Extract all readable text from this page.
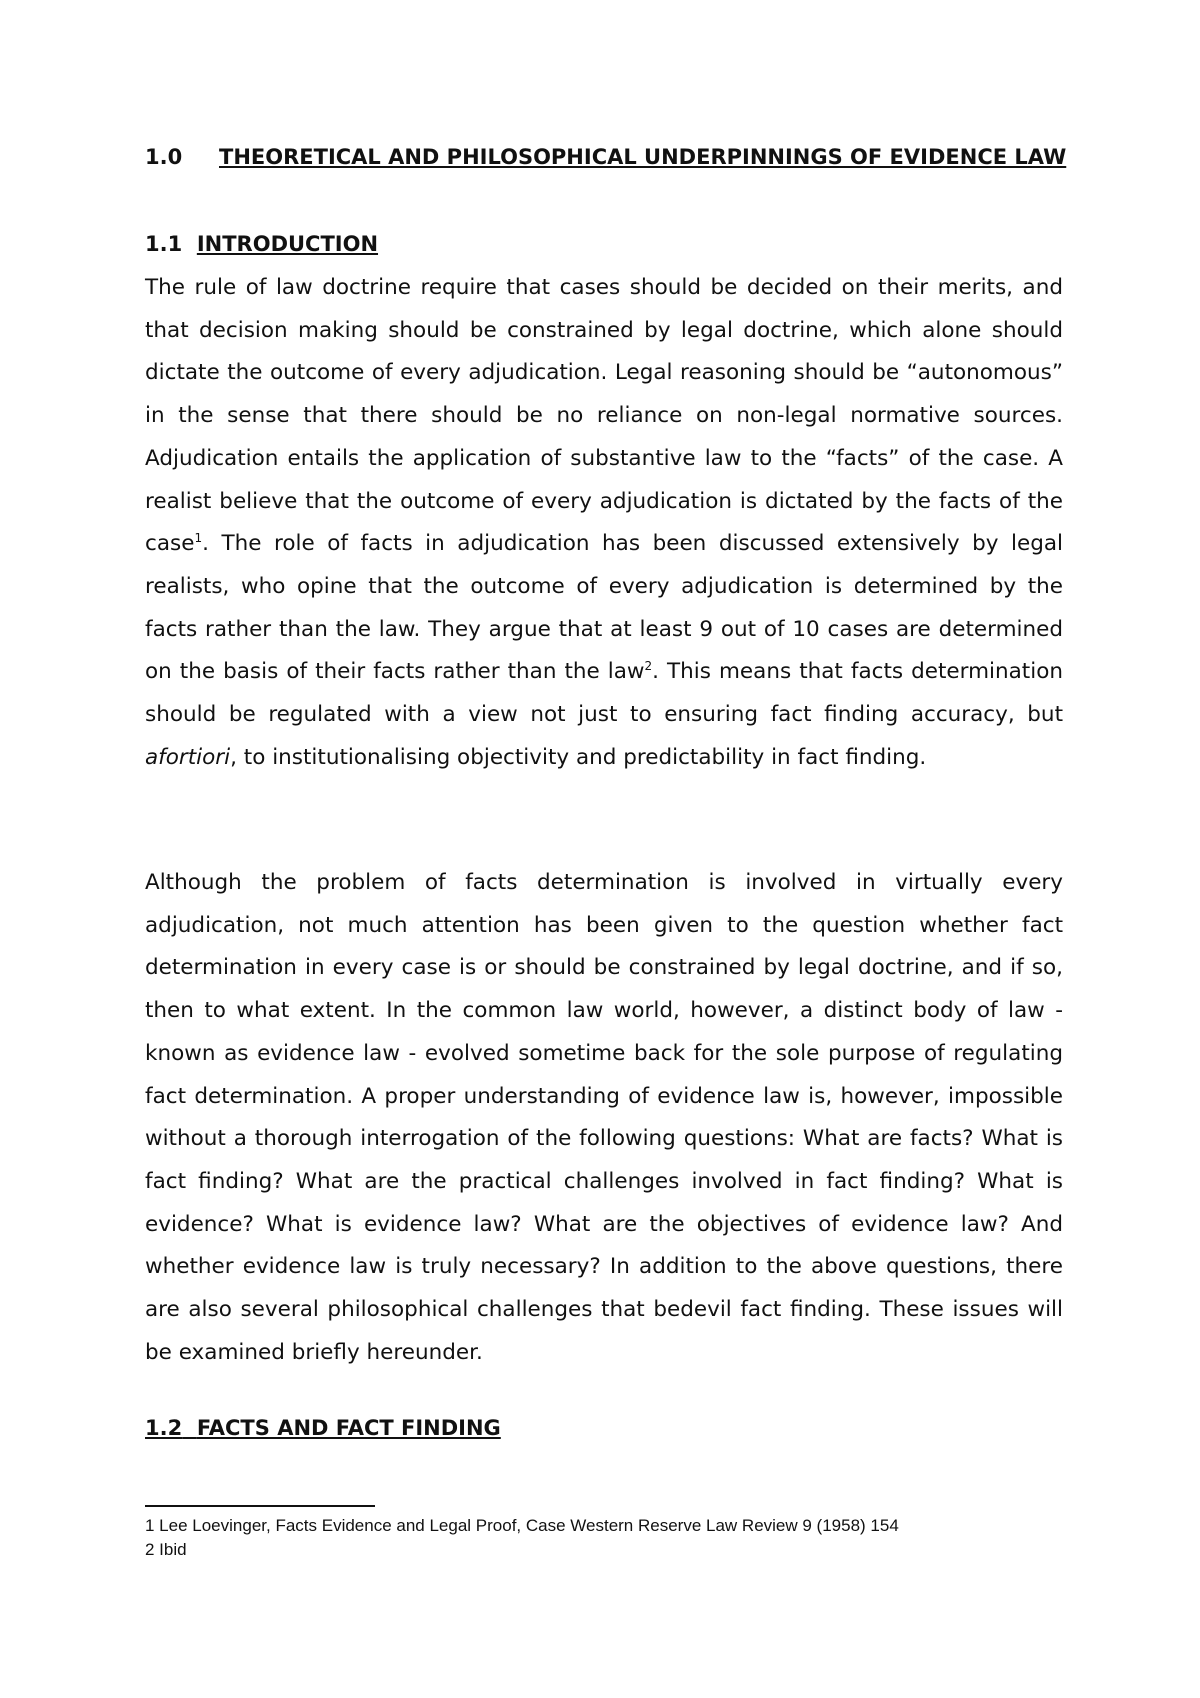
1.0 THEORETICAL AND PHILOSOPHICAL UNDERPINNINGS OF EVIDENCE LAW
1.1 INTRODUCTION

The rule of law doctrine require that cases should be decided on their merits, and that decision making should be constrained by legal doctrine, which alone should dictate the outcome of every adjudication. Legal reasoning should be “autonomous” in the sense that there should be no reliance on non-legal normative sources. Adjudication entails the application of substantive law to the “facts” of the case. A realist believe that the outcome of every adjudication is dictated by the facts of the case$^1$. The role of facts in adjudication has been discussed extensively by legal realists, who opine that the outcome of every adjudication is determined by the facts rather than the law. They argue that at least 9 out of 10 cases are determined on the basis of their facts rather than the law$^2$. This means that facts determination should be regulated with a view not just to ensuring fact finding accuracy, but afortiori, to institutionalising objectivity and predictability in fact finding.

Although the problem of facts determination is involved in virtually every adjudication, not much attention has been given to the question whether fact determination in every case is or should be constrained by legal doctrine, and if so, then to what extent. In the common law world, however, a distinct body of law -known as evidence law - evolved sometime back for the sole purpose of regulating fact determination. A proper understanding of evidence law is, however, impossible without a thorough interrogation of the following questions: What are facts? What is fact finding? What are the practical challenges involved in fact finding? What is evidence? What is evidence law? What are the objectives of evidence law? And whether evidence law is truly necessary? In addition to the above questions, there are also several philosophical challenges that bedevil fact finding. These issues will be examined briefly hereunder.

1.2 FACTS AND FACT FINDING
1 Lee Loevinger, Facts Evidence and Legal Proof, Case Western Reserve Law Review 9 (1958) 154
2 Ibid
